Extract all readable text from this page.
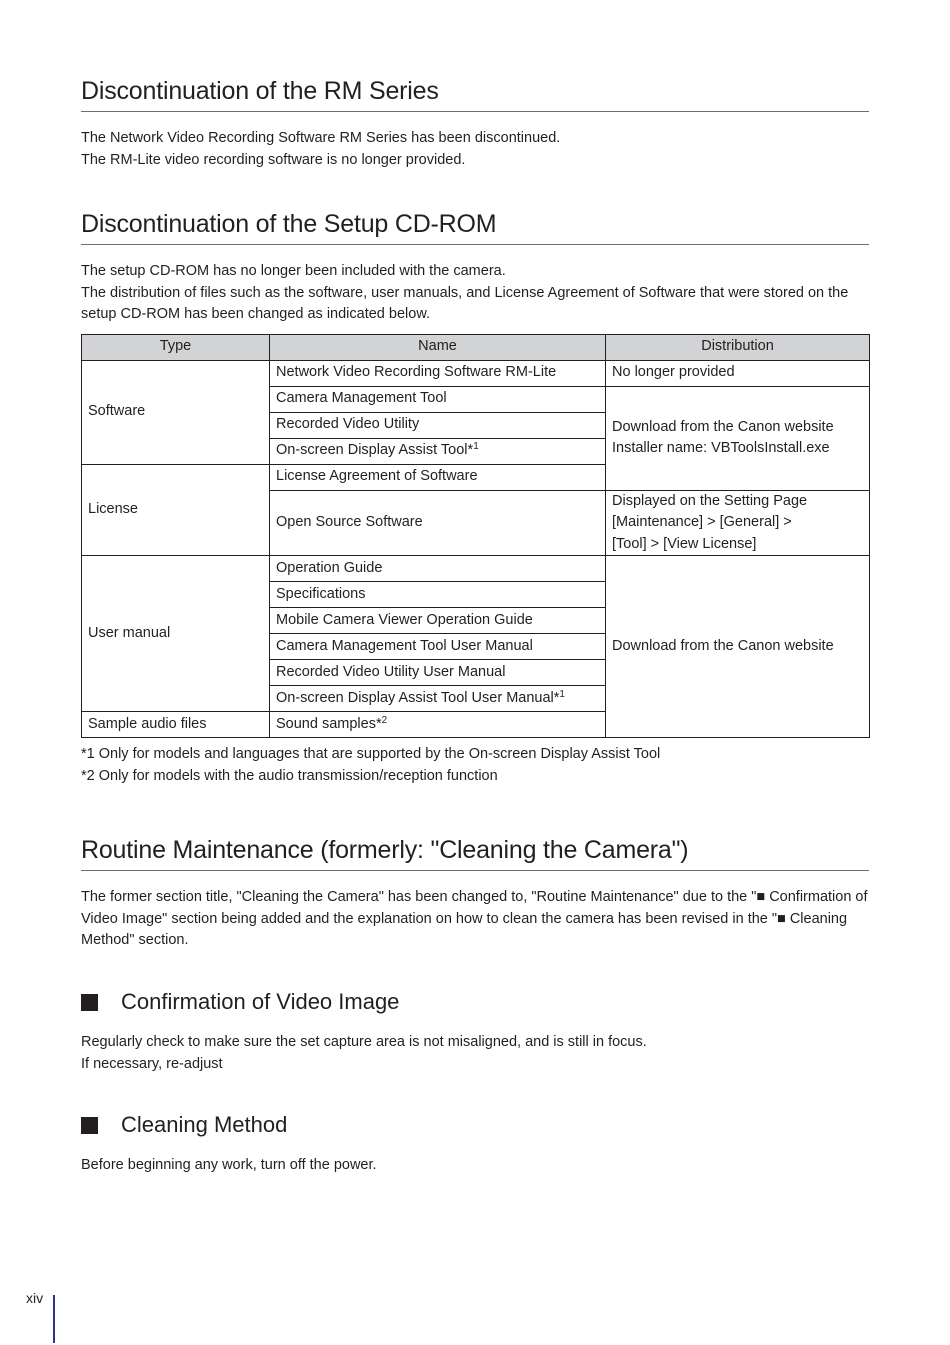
Discontinuation of the RM Series

The Network Video Recording Software RM Series has been discontinued.

The RM-Lite video recording software is no longer provided.

Discontinuation of the Setup CD-ROM

The setup CD-ROM has no longer been included with the camera.

The distribution of files such as the software, user manuals, and License Agreement of Software that were stored on the setup CD-ROM has been changed as indicated below.

Type	Name	Distribution
Software	Network Video Recording Software RM-Lite	No longer provided
	Camera Management Tool	Download from the Canon website
Installer name: VBToolsInstall.exe

	Recorded Video Utility	
	On-screen Display Assist Tool*$^1$
License	License Agreement of Software	
	Open Source Software	Displayed on the Setting Page
[Maintenance] > [General] >
[Tool] > [View License]

User manual	Operation Guide	Download from the Canon website
	Specifications	
	Mobile Camera Viewer Operation Guide	
	Camera Management Tool User Manual	
	Recorded Video Utility User Manual	
	On-screen Display Assist Tool User Manual*$^1$
Sample audio files	Sound samples*$^2$

*1 Only for models and languages that are supported by the On-screen Display Assist Tool

*2 Only for models with the audio transmission/reception function

Routine Maintenance (formerly: "Cleaning the Camera")

The former section title, "Cleaning the Camera" has been changed to, "Routine Maintenance" due to the "■ Confirmation of Video Image" section being added and the explanation on how to clean the camera has been revised in the "■ Cleaning Method" section.

Confirmation of Video Image

Regularly check to make sure the set capture area is not misaligned, and is still in focus.

If necessary, re-adjust

Cleaning Method

Before beginning any work, turn off the power.

xiv
